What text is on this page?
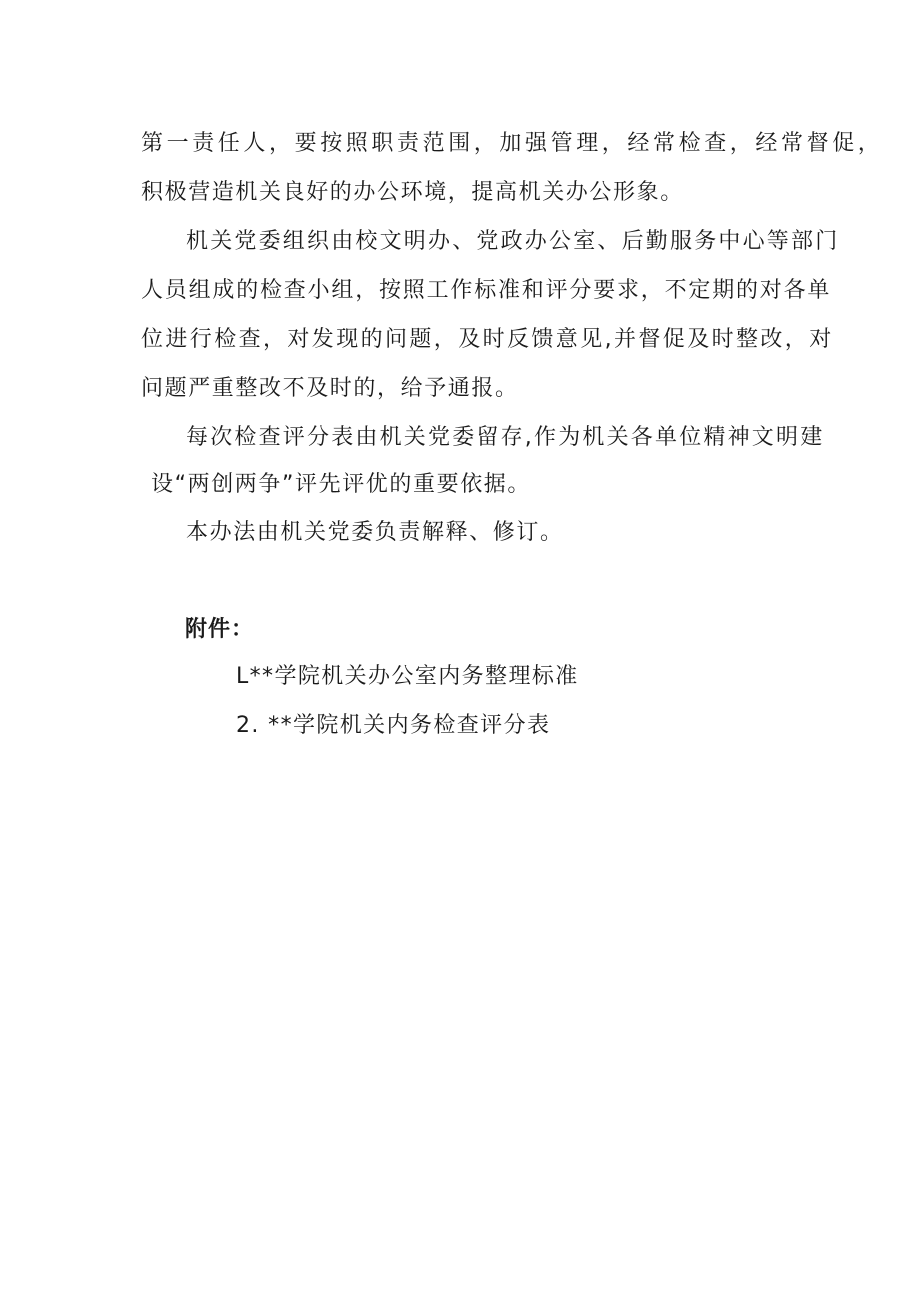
第一责任人，要按照职责范围，加强管理，经常检查，经常督促，
积极营造机关良好的办公环境，提高机关办公形象。
机关党委组织由校文明办、党政办公室、后勤服务中心等部门
人员组成的检查小组，按照工作标准和评分要求，不定期的对各单
位进行检查，对发现的问题，及时反馈意见,并督促及时整改，对
问题严重整改不及时的，给予通报。
每次检查评分表由机关党委留存,作为机关各单位精神文明建
设“两创两争”评先评优的重要依据。
本办法由机关党委负责解释、修订。
附件：
L**学院机关办公室内务整理标准
2. **学院机关内务检查评分表
